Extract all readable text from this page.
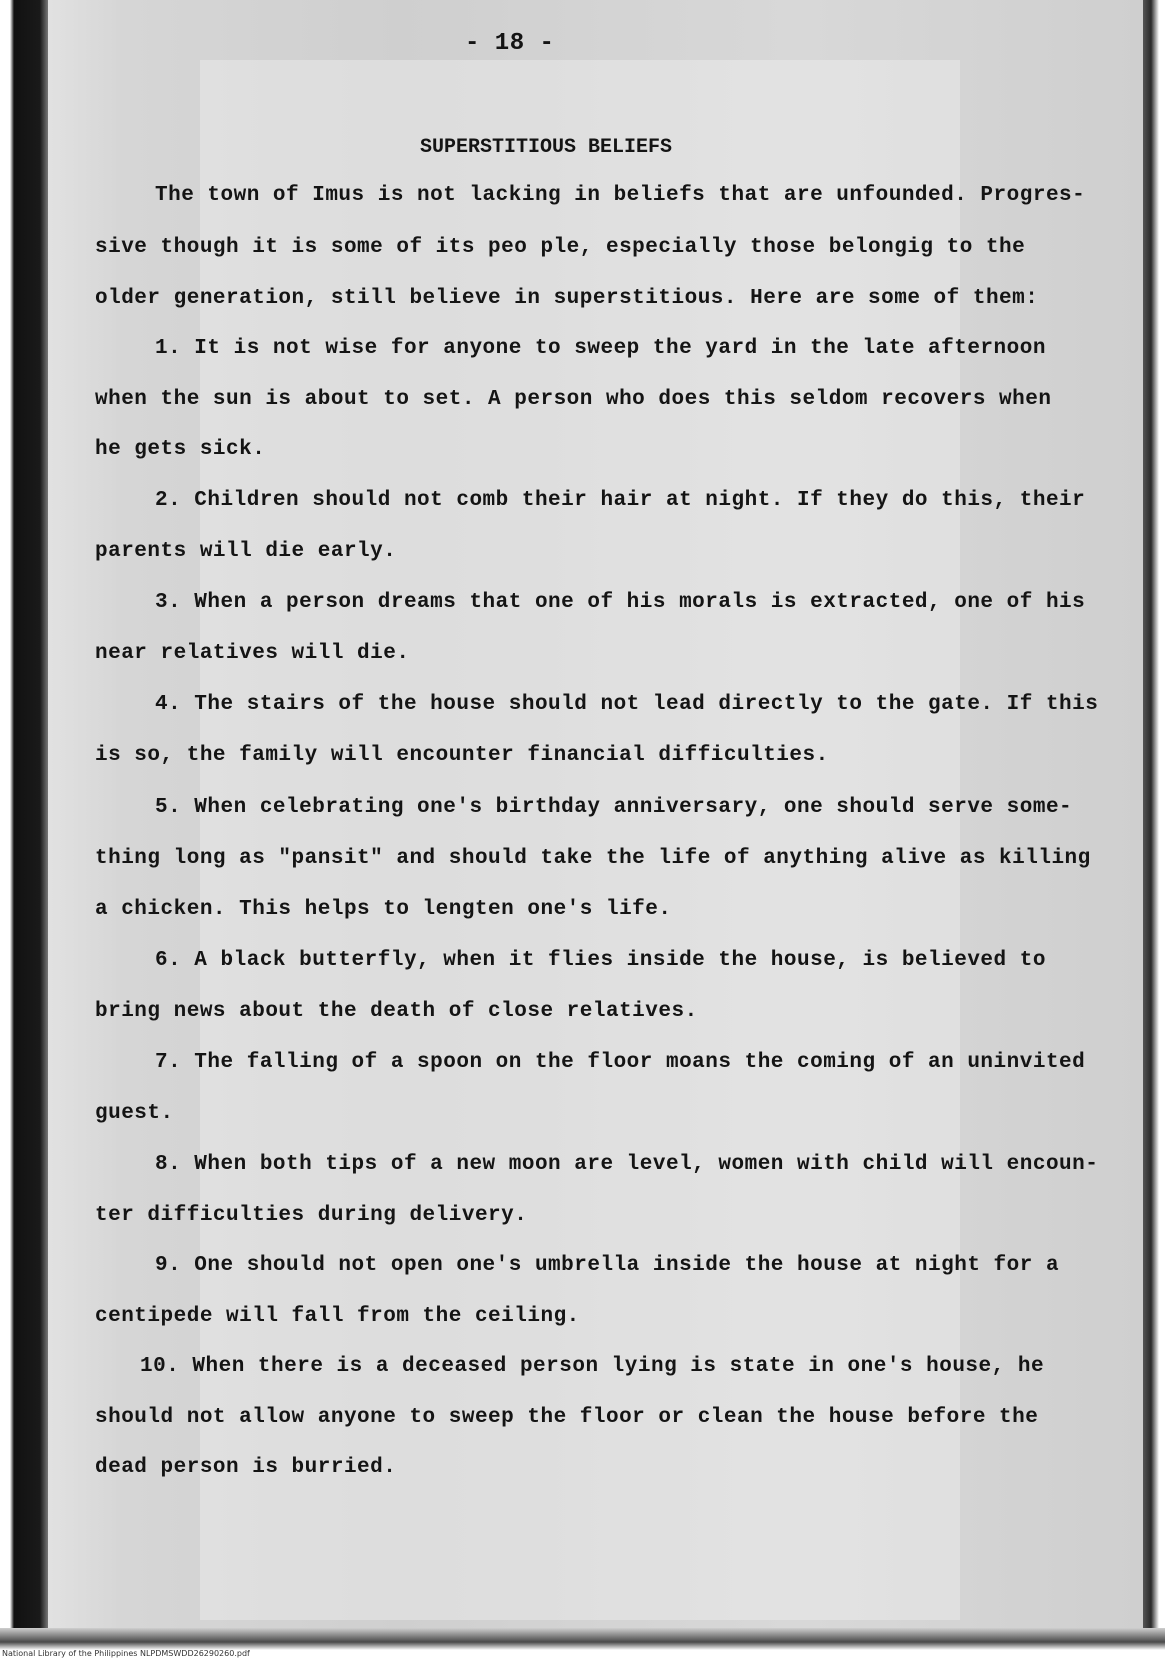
- 18 -
SUPERSTITIOUS BELIEFS
The town of Imus is not lacking in beliefs that are unfounded. Progres-
sive though it is some of its peo ple, especially those belongig to the
older generation, still believe in superstitious. Here are some of them:
1. It is not wise for anyone to sweep the yard in the late afternoon
when the sun is about to set. A person who does this seldom recovers when
he gets sick.
2. Children should not comb their hair at night. If they do this, their
parents will die early.
3. When a person dreams that one of his morals is extracted, one of his
near relatives will die.
4. The stairs of the house should not lead directly to the gate. If this
is so, the family will encounter financial difficulties.
5. When celebrating one's birthday anniversary, one should serve some-
thing long as "pansit" and should take the life of anything alive as killing
a chicken. This helps to lengten one's life.
6. A black butterfly, when it flies inside the house, is believed to
bring news about the death of close relatives.
7. The falling of a spoon on the floor moans the coming of an uninvited
guest.
8. When both tips of a new moon are level, women with child will encoun-
ter difficulties during delivery.
9. One should not open one's umbrella inside the house at night for a
centipede will fall from the ceiling.
10. When there is a deceased person lying is state in one's house, he
should not allow anyone to sweep the floor or clean the house before the
dead person is burried.
National Library of the Philippines NLPDMSWDD26290260.pdf
